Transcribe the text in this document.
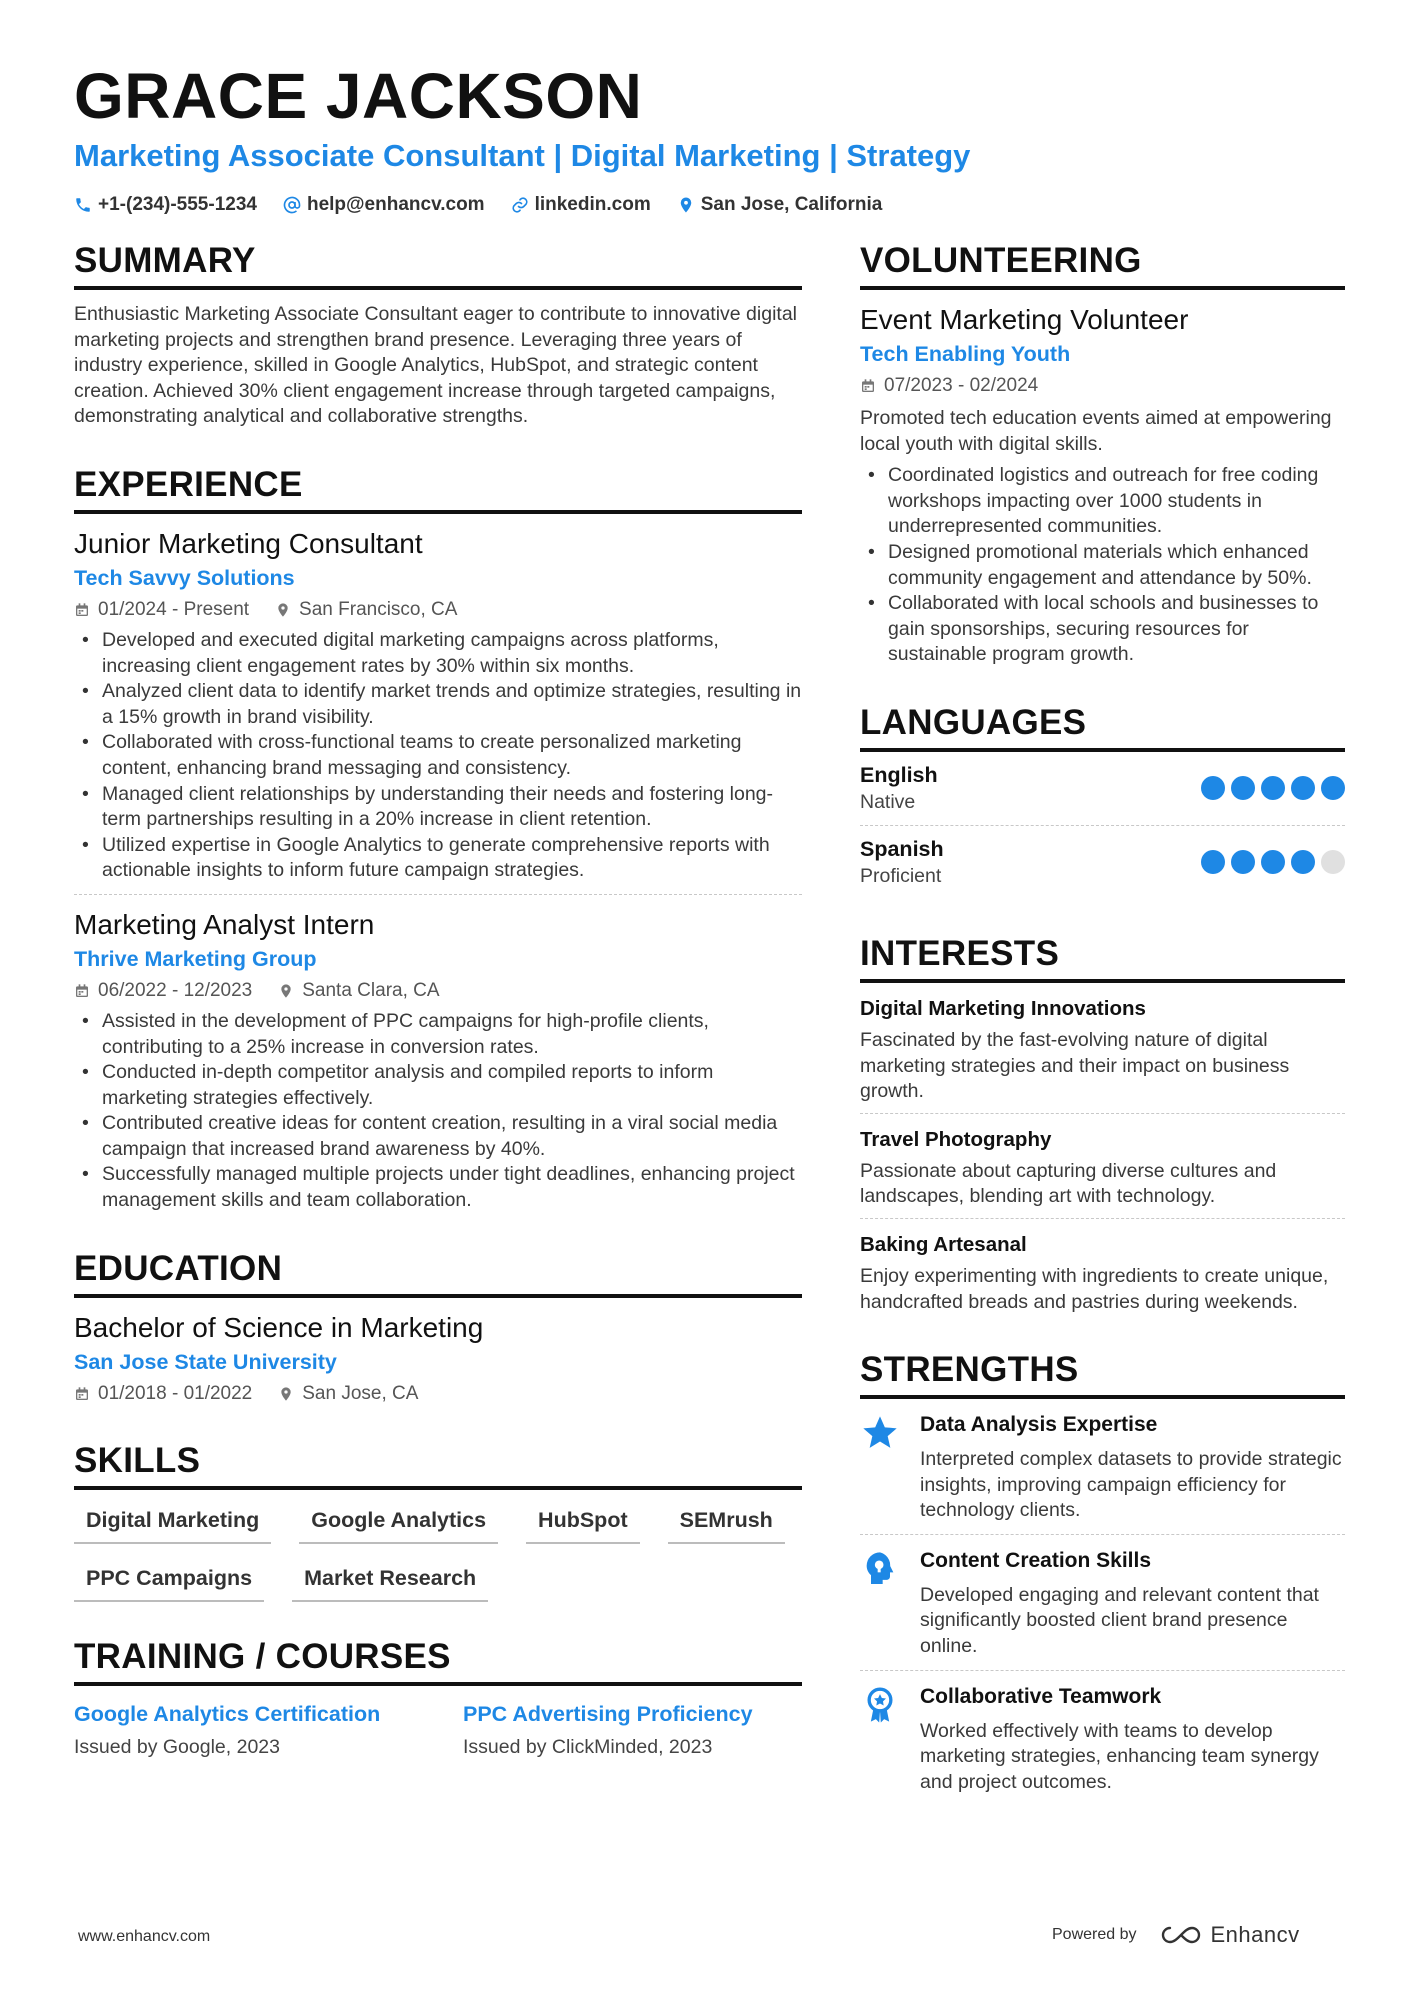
GRACE JACKSON
Marketing Associate Consultant | Digital Marketing | Strategy
+1-(234)-555-1234	help@enhancv.com	linkedin.com	San Jose, California
SUMMARY
Enthusiastic Marketing Associate Consultant eager to contribute to innovative digital marketing projects and strengthen brand presence. Leveraging three years of industry experience, skilled in Google Analytics, HubSpot, and strategic content creation. Achieved 30% client engagement increase through targeted campaigns, demonstrating analytical and collaborative strengths.
EXPERIENCE
Junior Marketing Consultant
Tech Savvy Solutions
01/2024 - Present	San Francisco, CA
• Developed and executed digital marketing campaigns across platforms, increasing client engagement rates by 30% within six months.
• Analyzed client data to identify market trends and optimize strategies, resulting in a 15% growth in brand visibility.
• Collaborated with cross-functional teams to create personalized marketing content, enhancing brand messaging and consistency.
• Managed client relationships by understanding their needs and fostering long-term partnerships resulting in a 20% increase in client retention.
• Utilized expertise in Google Analytics to generate comprehensive reports with actionable insights to inform future campaign strategies.
Marketing Analyst Intern
Thrive Marketing Group
06/2022 - 12/2023	Santa Clara, CA
• Assisted in the development of PPC campaigns for high-profile clients, contributing to a 25% increase in conversion rates.
• Conducted in-depth competitor analysis and compiled reports to inform marketing strategies effectively.
• Contributed creative ideas for content creation, resulting in a viral social media campaign that increased brand awareness by 40%.
• Successfully managed multiple projects under tight deadlines, enhancing project management skills and team collaboration.
EDUCATION
Bachelor of Science in Marketing
San Jose State University
01/2018 - 01/2022	San Jose, CA
SKILLS
Digital Marketing	Google Analytics	HubSpot	SEMrush
PPC Campaigns	Market Research
TRAINING / COURSES
Google Analytics Certification
Issued by Google, 2023
PPC Advertising Proficiency
Issued by ClickMinded, 2023
VOLUNTEERING
Event Marketing Volunteer
Tech Enabling Youth
07/2023 - 02/2024
Promoted tech education events aimed at empowering local youth with digital skills.
• Coordinated logistics and outreach for free coding workshops impacting over 1000 students in underrepresented communities.
• Designed promotional materials which enhanced community engagement and attendance by 50%.
• Collaborated with local schools and businesses to gain sponsorships, securing resources for sustainable program growth.
LANGUAGES
English
Native
Spanish
Proficient
INTERESTS
Digital Marketing Innovations
Fascinated by the fast-evolving nature of digital marketing strategies and their impact on business growth.
Travel Photography
Passionate about capturing diverse cultures and landscapes, blending art with technology.
Baking Artesanal
Enjoy experimenting with ingredients to create unique, handcrafted breads and pastries during weekends.
STRENGTHS
Data Analysis Expertise
Interpreted complex datasets to provide strategic insights, improving campaign efficiency for technology clients.
Content Creation Skills
Developed engaging and relevant content that significantly boosted client brand presence online.
Collaborative Teamwork
Worked effectively with teams to develop marketing strategies, enhancing team synergy and project outcomes.
www.enhancv.com	Powered by	Enhancv
